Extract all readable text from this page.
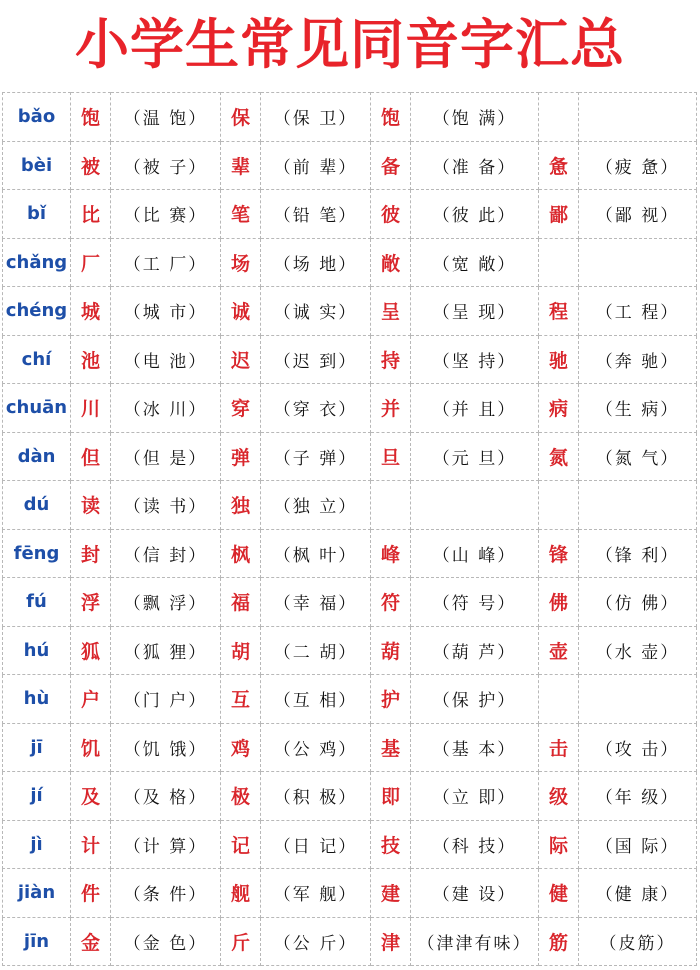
小学生常见同音字汇总
bǎo	饱	（温 饱）	保	（保 卫）	饱	（饱 满）		
bèi	被	（被 子）	辈	（前 辈）	备	（准 备）	惫	（疲 惫）
bǐ	比	（比 赛）	笔	（铅 笔）	彼	（彼 此）	鄙	（鄙 视）
chǎng	厂	（工 厂）	场	（场 地）	敞	（宽 敞）		
chéng	城	（城 市）	诚	（诚 实）	呈	（呈 现）	程	（工 程）
chí	池	（电 池）	迟	（迟 到）	持	（坚 持）	驰	（奔 驰）
chuān	川	（冰 川）	穿	（穿 衣）	并	（并 且）	病	（生 病）
dàn	但	（但 是）	弹	（子 弹）	旦	（元 旦）	氮	（氮 气）
dú	读	（读 书）	独	（独 立）				
fēng	封	（信 封）	枫	（枫 叶）	峰	（山 峰）	锋	（锋 利）
fú	浮	（飘 浮）	福	（幸 福）	符	（符 号）	佛	（仿 佛）
hú	狐	（狐 狸）	胡	（二 胡）	葫	（葫 芦）	壶	（水 壶）
hù	户	（门 户）	互	（互 相）	护	（保 护）		
jī	饥	（饥 饿）	鸡	（公 鸡）	基	（基 本）	击	（攻 击）
jí	及	（及 格）	极	（积 极）	即	（立 即）	级	（年 级）
jì	计	（计 算）	记	（日 记）	技	（科 技）	际	（国 际）
jiàn	件	（条 件）	舰	（军 舰）	建	（建 设）	健	（健 康）
jīn	金	（金 色）	斤	（公 斤）	津	（津津有味）	筋	（皮筋）
